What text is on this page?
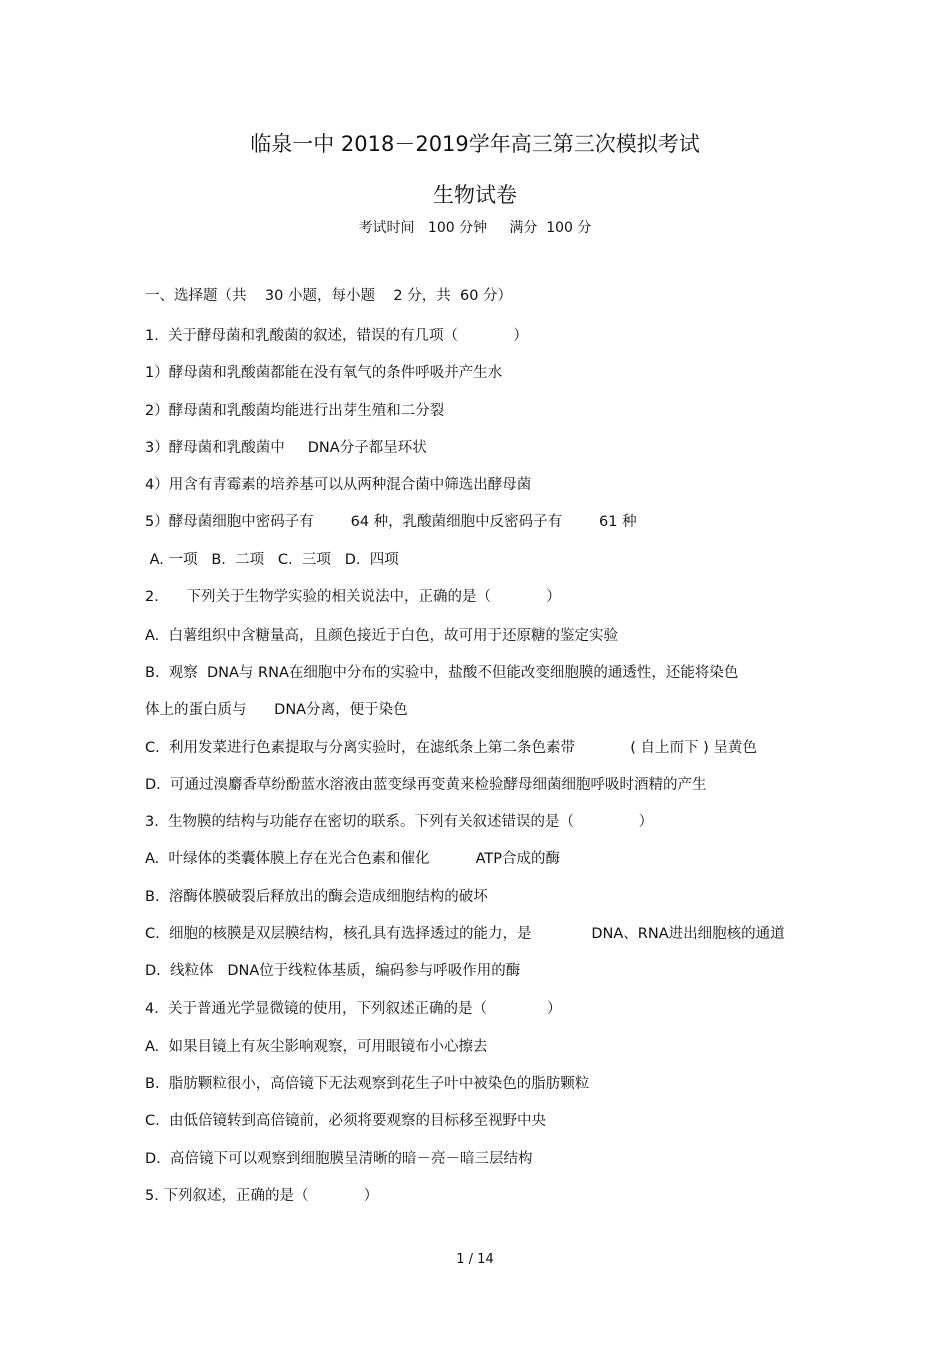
临泉一中 2018－2019学年高三第三次模拟考试
生物试卷
考试时间   100 分钟     满分  100 分
一、选择题（共    30 小题，每小题    2 分，共  60 分）
1.  关于酵母菌和乳酸菌的叙述，错误的有几项（            ）
1）酵母菌和乳酸菌都能在没有氧气的条件呼吸并产生水
2）酵母菌和乳酸菌均能进行出芽生殖和二分裂
3）酵母菌和乳酸菌中     DNA分子都呈环状
4）用含有青霉素的培养基可以从两种混合菌中筛选出酵母菌
5）酵母菌细胞中密码子有        64 种，乳酸菌细胞中反密码子有        61 种
A. 一项   B.  二项   C.  三项   D.  四项
2.      下列关于生物学实验的相关说法中，正确的是（            ）
A.  白薯组织中含糖量高，且颜色接近于白色，故可用于还原糖的鉴定实验
B.  观察  DNA与 RNA在细胞中分布的实验中，盐酸不但能改变细胞膜的通透性，还能将染色
体上的蛋白质与      DNA分离，便于染色
C.  利用发菜进行色素提取与分离实验时，在滤纸条上第二条色素带            ( 自上而下 ) 呈黄色
D.  可通过溴麝香草纷酚蓝水溶液由蓝变绿再变黄来检验酵母细菌细胞呼吸时酒精的产生
3.  生物膜的结构与功能存在密切的联系。下列有关叙述错误的是（              ）
A.  叶绿体的类囊体膜上存在光合色素和催化          ATP合成的酶
B.  溶酶体膜破裂后释放出的酶会造成细胞结构的破坏
C.  细胞的核膜是双层膜结构，核孔具有选择透过的能力，是             DNA、RNA进出细胞核的通道
D.  线粒体   DNA位于线粒体基质，编码参与呼吸作用的酶
4.  关于普通光学显微镜的使用，下列叙述正确的是（             ）
A.  如果目镜上有灰尘影响观察，可用眼镜布小心擦去
B.  脂肪颗粒很小，高倍镜下无法观察到花生子叶中被染色的脂肪颗粒
C.  由低倍镜转到高倍镜前，必须将要观察的目标移至视野中央
D.  高倍镜下可以观察到细胞膜呈清晰的暗－亮－暗三层结构
5. 下列叙述，正确的是（            ）
1 / 14
